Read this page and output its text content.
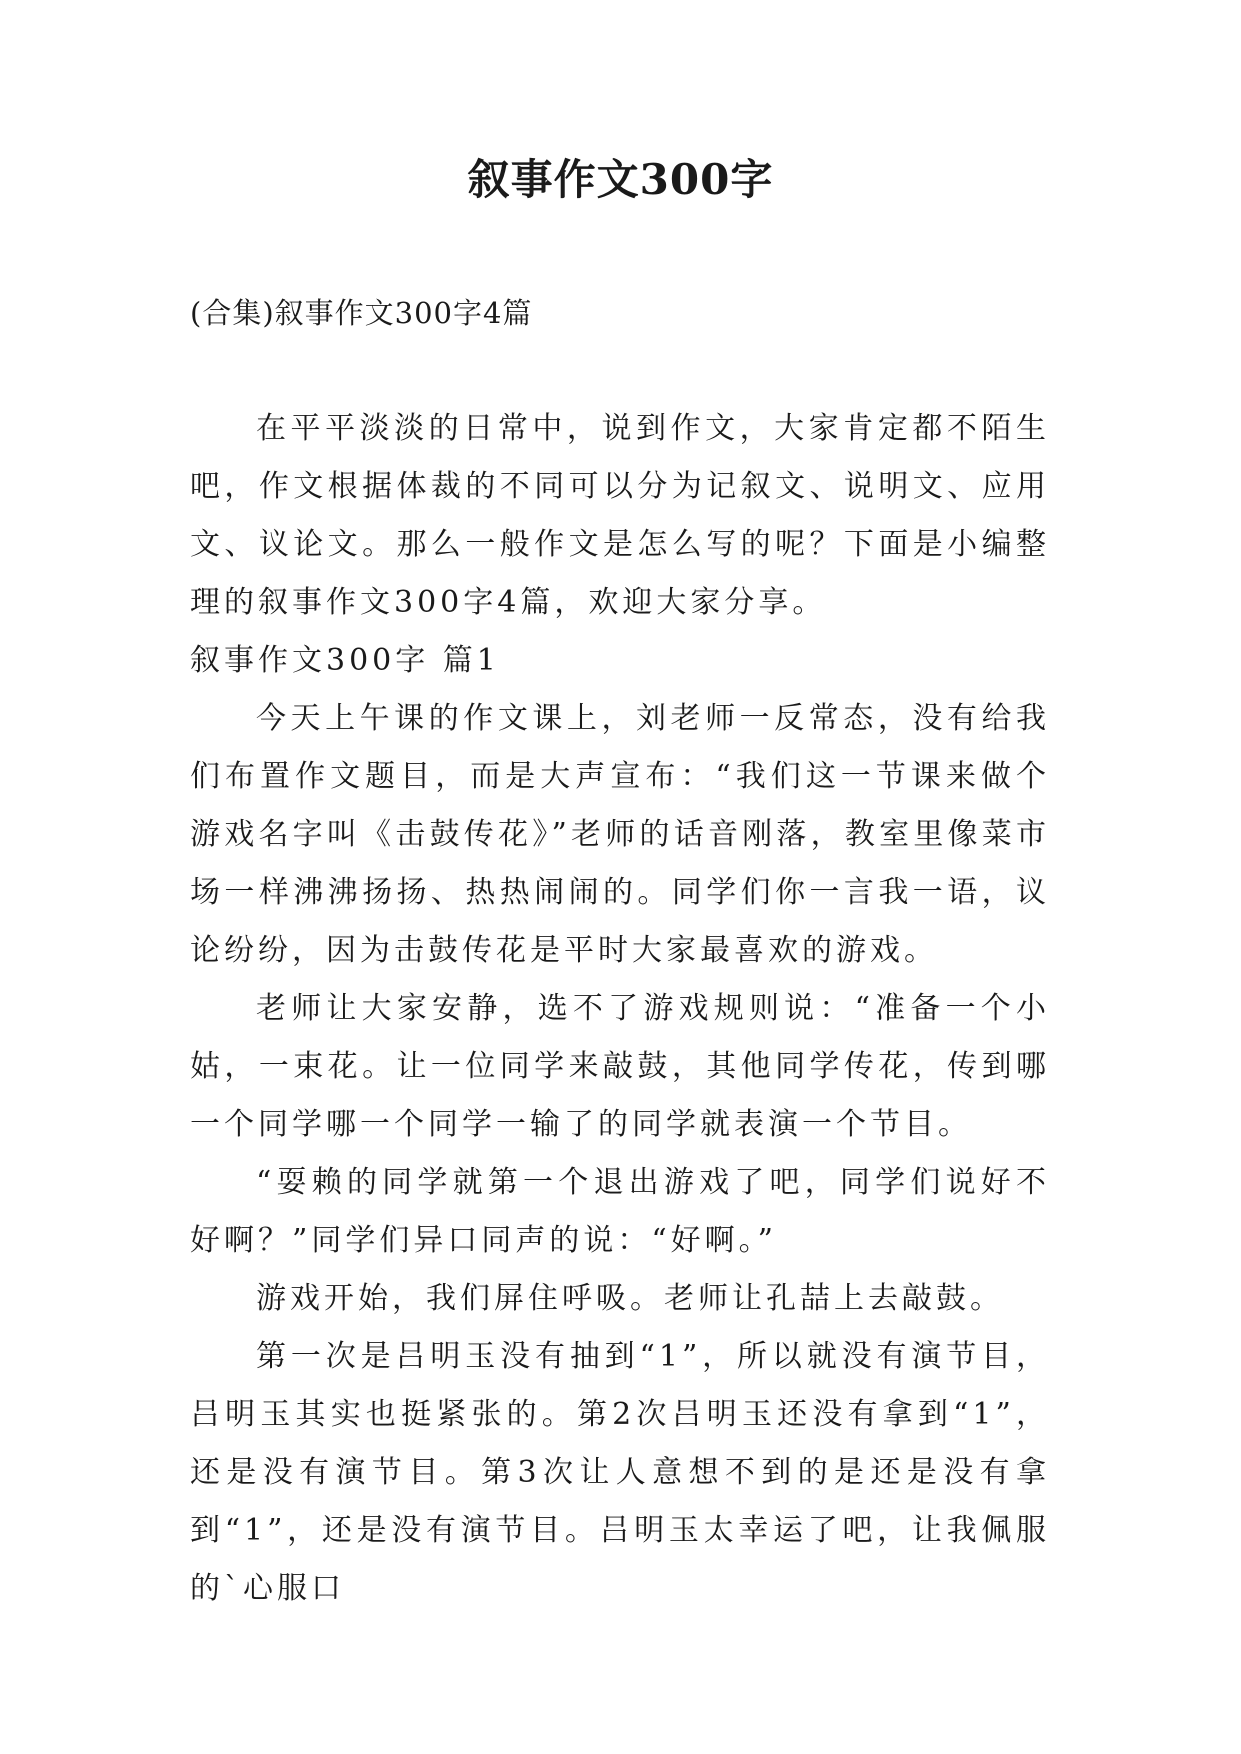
叙事作文300字

(合集)叙事作文300字4篇

在平平淡淡的日常中，说到作文，大家肯定都不陌生吧，作文根据体裁的不同可以分为记叙文、说明文、应用文、议论文。那么一般作文是怎么写的呢？下面是小编整理的叙事作文300字4篇，欢迎大家分享。

叙事作文300字 篇1

今天上午课的作文课上，刘老师一反常态，没有给我们布置作文题目，而是大声宣布：“我们这一节课来做个游戏名字叫《击鼓传花》”老师的话音刚落，教室里像菜市场一样沸沸扬扬、热热闹闹的。同学们你一言我一语，议论纷纷，因为击鼓传花是平时大家最喜欢的游戏。

老师让大家安静，选不了游戏规则说：“准备一个小姑，一束花。让一位同学来敲鼓，其他同学传花，传到哪一个同学哪一个同学一输了的同学就表演一个节目。

“耍赖的同学就第一个退出游戏了吧，同学们说好不好啊？”同学们异口同声的说：“好啊。”

游戏开始，我们屏住呼吸。老师让孔喆上去敲鼓。

第一次是吕明玉没有抽到“1”，所以就没有演节目，吕明玉其实也挺紧张的。第2次吕明玉还没有拿到“1”，还是没有演节目。第3次让人意想不到的是还是没有拿到“1”，还是没有演节目。吕明玉太幸运了吧，让我佩服的`心服口
